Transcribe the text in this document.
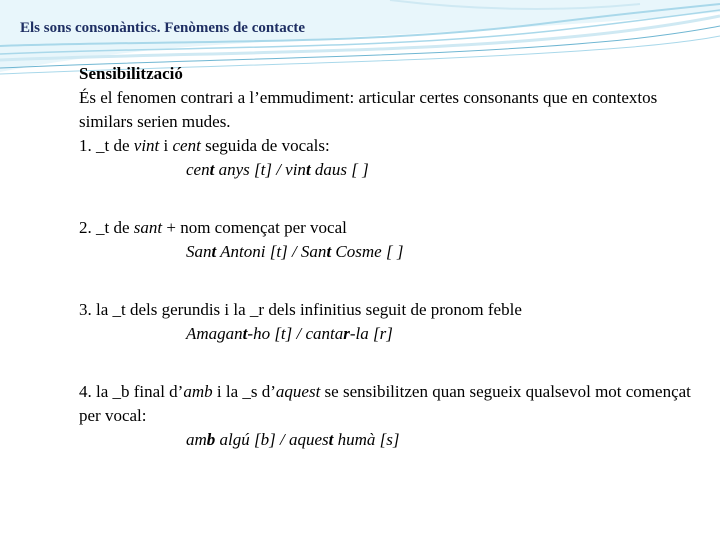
Els sons consonàntics. Fenòmens de contacte

Sensibilització

És el fenomen contrari a l’emmudiment: articular certes consonants que en contextos similars serien mudes.

1. _t de vint i cent seguida de vocals:

cent anys [t] / vint daus [ ]

2. _t de sant + nom començat per vocal

Sant Antoni [t] / Sant Cosme [ ]

3. la _t dels gerundis i la _r dels infinitius seguit de pronom feble

Amagant-ho [t] / cantar-la [r]

4. la _b final d’amb i la _s d’aquest se sensibilitzen quan segueix qualsevol mot començat per vocal:

amb algú [b] / aquest humà [s]
